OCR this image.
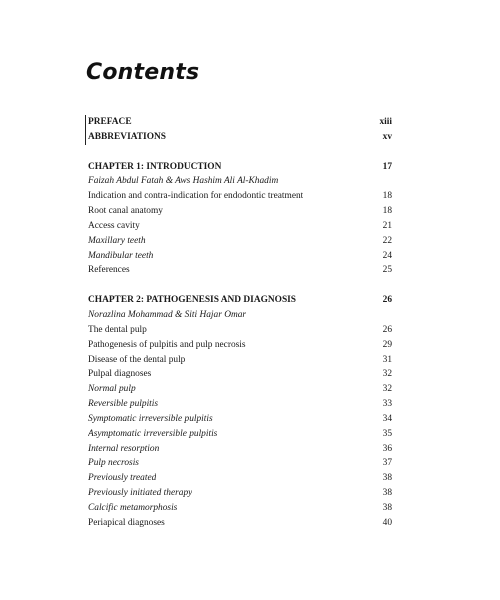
Contents
PREFACE	xiii
ABBREVIATIONS	xv
CHAPTER 1: INTRODUCTION	17
Faizah Abdul Fatah & Aws Hashim Ali Al-Khadim
Indication and contra-indication for endodontic treatment	18
Root canal anatomy	18
Access cavity	21
Maxillary teeth	22
Mandibular teeth	24
References	25
CHAPTER 2: PATHOGENESIS AND DIAGNOSIS	26
Norazlina Mohammad & Siti Hajar Omar
The dental pulp	26
Pathogenesis of pulpitis and pulp necrosis	29
Disease of the dental pulp	31
Pulpal diagnoses	32
Normal pulp	32
Reversible pulpitis	33
Symptomatic irreversible pulpitis	34
Asymptomatic irreversible pulpitis	35
Internal resorption	36
Pulp necrosis	37
Previously treated	38
Previously initiated therapy	38
Calcific metamorphosis	38
Periapical diagnoses	40
